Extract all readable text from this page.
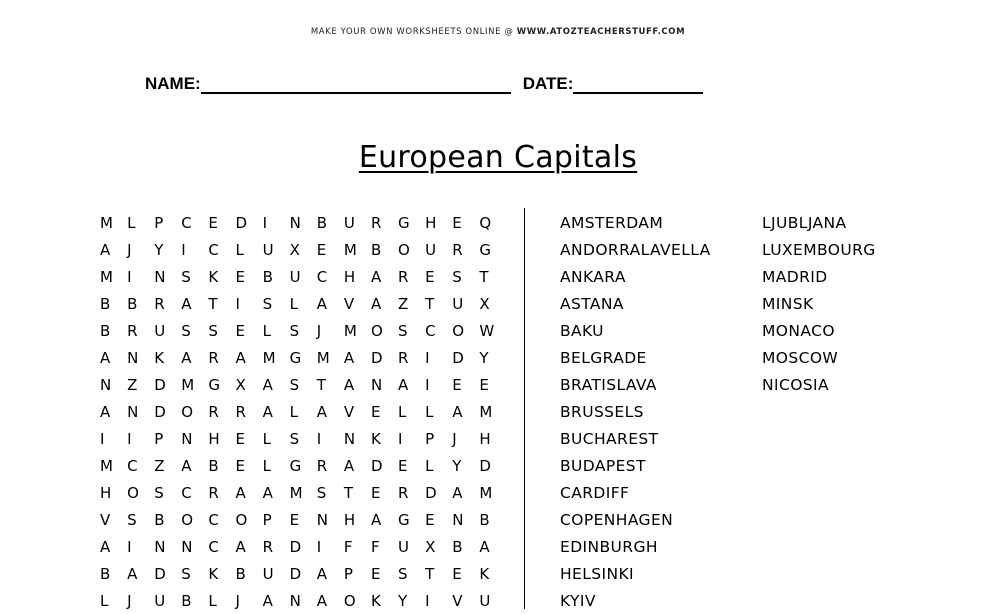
MAKE YOUR OWN WORKSHEETS ONLINE @ WWW.ATOZTEACHERSTUFF.COM
NAME:	DATE:
European Capitals
M L	P	C	E	D	I	N	B	U	R	G	H	E	Q
A	J	Y	I	C	L	U	X	E	M B	O	U	R	G
M I	N	S	K	E	B	U	C	H	A	R	E	S	T
B	B	R	A	T	I	S	L	A	V	A	Z	T	U	X
B	R	U	S	S	E	L	S	J	M O	S	C	O	W
A	N	K	A	R	A	M G	M A	D	R	I	D	Y
N	Z	D	M G	X	A	S	T	A	N	A	I	E	E
A	N	D	O	R	R	A	L	A	V	E	L	L	A	M
I	I	P	N	H	E	L	S	I	N	K	I	P	J	H
M C	Z	A	B	E	L	G	R	A	D	E	L	Y	D
H	O	S	C	R	A	A	M S	T	E	R	D	A	M
V	S	B	O	C	O	P	E	N	H	A	G	E	N	B
A	I	N	N	C	A	R	D	I	F	F	U	X	B	A
B	A	D	S	K	B	U	D	A	P	E	S	T	E	K
L	J	U	B	L	J	A	N	A	O	K	Y	I	V	U
AMSTERDAM
ANDORRALAVELLA
ANKARA
ASTANA
BAKU
BELGRADE
BRATISLAVA
BRUSSELS
BUCHAREST
BUDAPEST
CARDIFF
COPENHAGEN
EDINBURGH
HELSINKI
KYIV
LJUBLJANA
LUXEMBOURG
MADRID
MINSK
MONACO
MOSCOW
NICOSIA
